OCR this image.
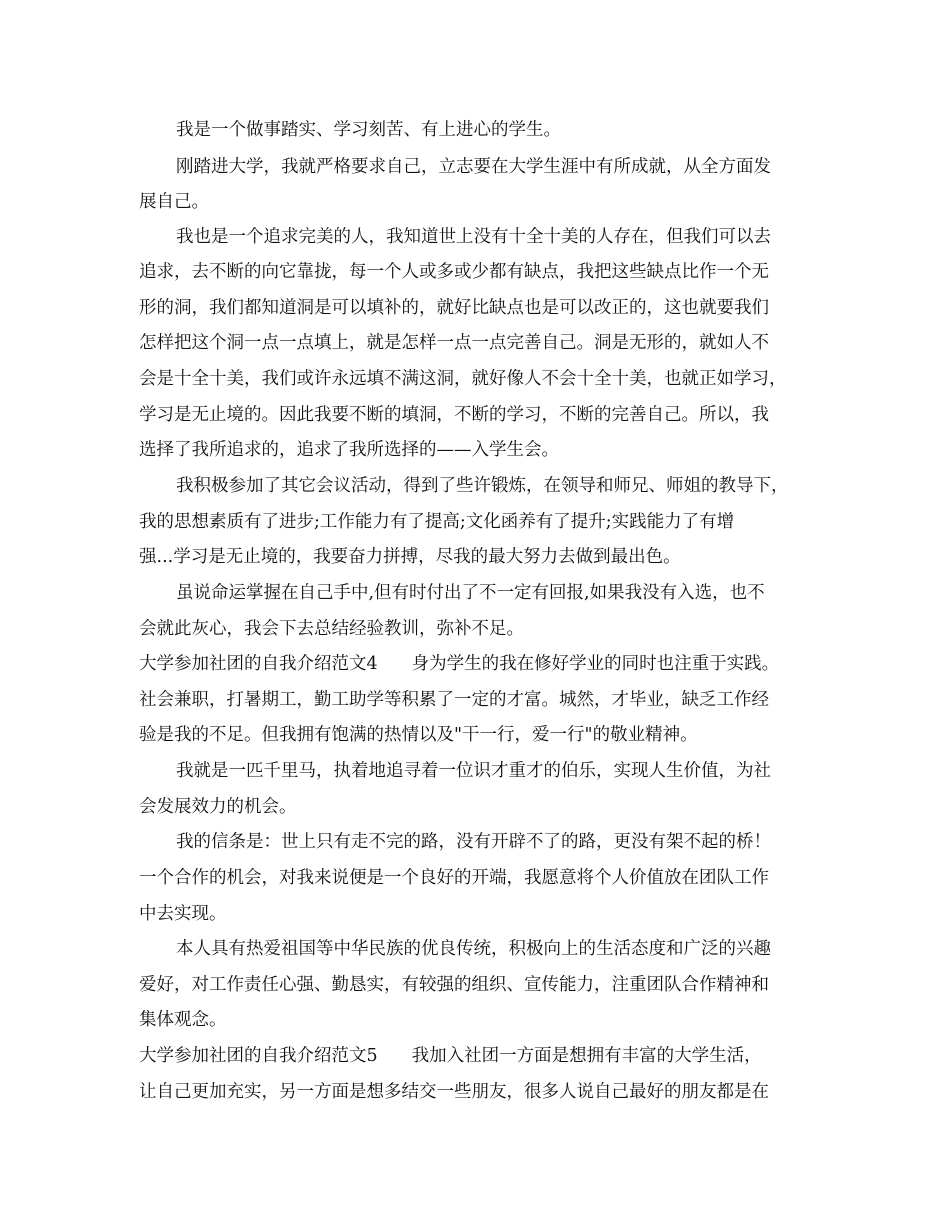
我是一个做事踏实、学习刻苦、有上进心的学生。
刚踏进大学，我就严格要求自己，立志要在大学生涯中有所成就，从全方面发
展自己。
我也是一个追求完美的人，我知道世上没有十全十美的人存在，但我们可以去
追求，去不断的向它靠拢，每一个人或多或少都有缺点，我把这些缺点比作一个无
形的洞，我们都知道洞是可以填补的，就好比缺点也是可以改正的，这也就要我们
怎样把这个洞一点一点填上，就是怎样一点一点完善自己。洞是无形的，就如人不
会是十全十美，我们或许永远填不满这洞，就好像人不会十全十美，也就正如学习，
学习是无止境的。因此我要不断的填洞，不断的学习，不断的完善自己。所以，我
选择了我所追求的，追求了我所选择的——入学生会。
我积极参加了其它会议活动，得到了些许锻炼，在领导和师兄、师姐的教导下，
我的思想素质有了进步;工作能力有了提高;文化函养有了提升;实践能力了有增
强...学习是无止境的，我要奋力拼搏，尽我的最大努力去做到最出色。
虽说命运掌握在自己手中,但有时付出了不一定有回报,如果我没有入选，也不
会就此灰心，我会下去总结经验教训，弥补不足。
大学参加社团的自我介绍范文4 身为学生的我在修好学业的同时也注重于实践。
社会兼职，打暑期工，勤工助学等积累了一定的才富。城然，才毕业，缺乏工作经
验是我的不足。但我拥有饱满的热情以及"干一行，爱一行"的敬业精神。
我就是一匹千里马，执着地追寻着一位识才重才的伯乐，实现人生价值，为社
会发展效力的机会。
我的信条是：世上只有走不完的路，没有开辟不了的路，更没有架不起的桥！
一个合作的机会，对我来说便是一个良好的开端，我愿意将个人价值放在团队工作
中去实现。
本人具有热爱祖国等中华民族的优良传统，积极向上的生活态度和广泛的兴趣
爱好，对工作责任心强、勤恳实，有较强的组织、宣传能力，注重团队合作精神和
集体观念。
大学参加社团的自我介绍范文5 我加入社团一方面是想拥有丰富的大学生活，
让自己更加充实，另一方面是想多结交一些朋友，很多人说自己最好的朋友都是在
